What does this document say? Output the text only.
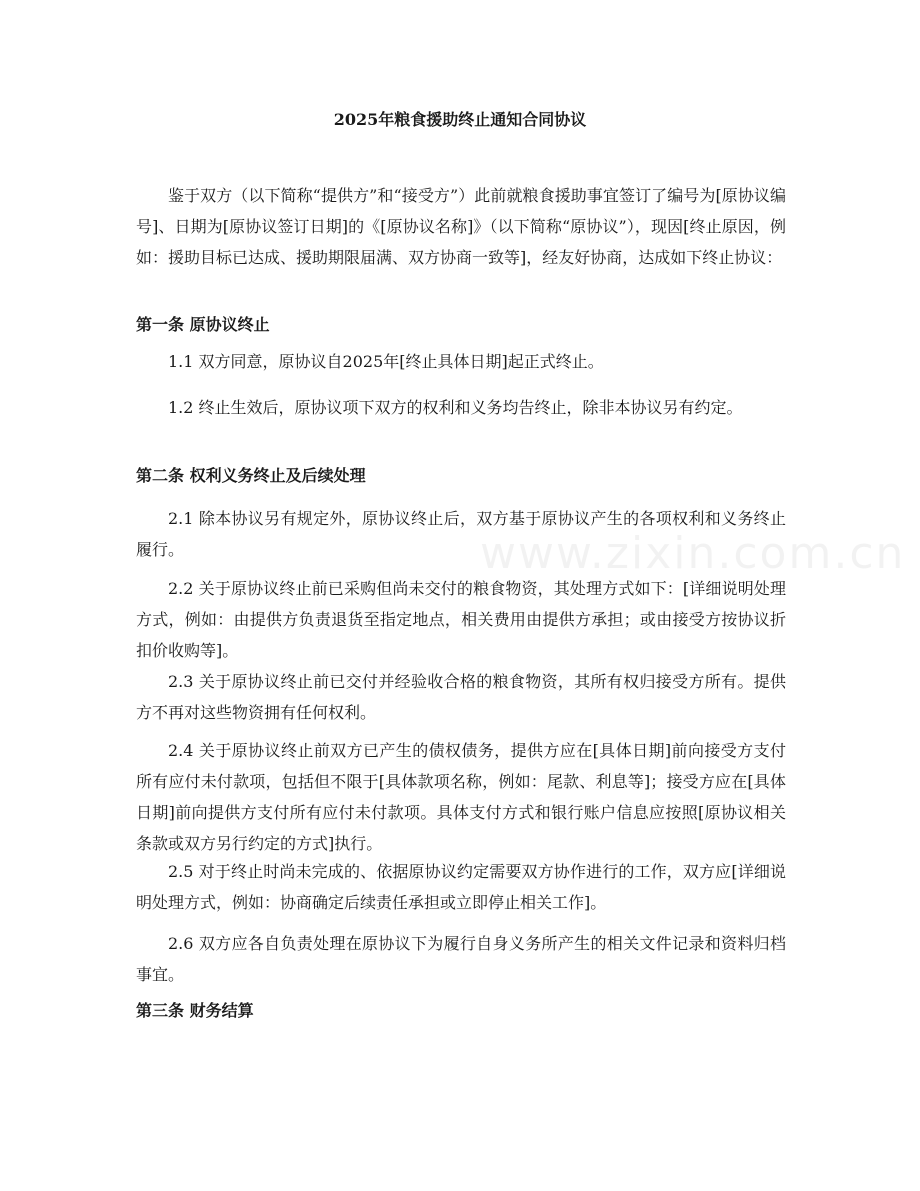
www.zixin.com.cn
2025年粮食援助终止通知合同协议

鉴于双方（以下简称“提供方”和“接受方”）此前就粮食援助事宜签订了编号为[原协议编号]、日期为[原协议签订日期]的《[原协议名称]》（以下简称“原协议”），现因[终止原因，例如：援助目标已达成、援助期限届满、双方协商一致等]，经友好协商，达成如下终止协议：

第一条 原协议终止

1.1 双方同意，原协议自2025年[终止具体日期]起正式终止。

1.2 终止生效后，原协议项下双方的权利和义务均告终止，除非本协议另有约定。

第二条 权利义务终止及后续处理

2.1 除本协议另有规定外，原协议终止后，双方基于原协议产生的各项权利和义务终止履行。

2.2 关于原协议终止前已采购但尚未交付的粮食物资，其处理方式如下：[详细说明处理方式，例如：由提供方负责退货至指定地点，相关费用由提供方承担；或由接受方按协议折扣价收购等]。

2.3 关于原协议终止前已交付并经验收合格的粮食物资，其所有权归接受方所有。提供方不再对这些物资拥有任何权利。

2.4 关于原协议终止前双方已产生的债权债务，提供方应在[具体日期]前向接受方支付所有应付未付款项，包括但不限于[具体款项名称，例如：尾款、利息等]；接受方应在[具体日期]前向提供方支付所有应付未付款项。具体支付方式和银行账户信息应按照[原协议相关条款或双方另行约定的方式]执行。

2.5 对于终止时尚未完成的、依据原协议约定需要双方协作进行的工作，双方应[详细说明处理方式，例如：协商确定后续责任承担或立即停止相关工作]。

2.6 双方应各自负责处理在原协议下为履行自身义务所产生的相关文件记录和资料归档事宜。

第三条 财务结算
